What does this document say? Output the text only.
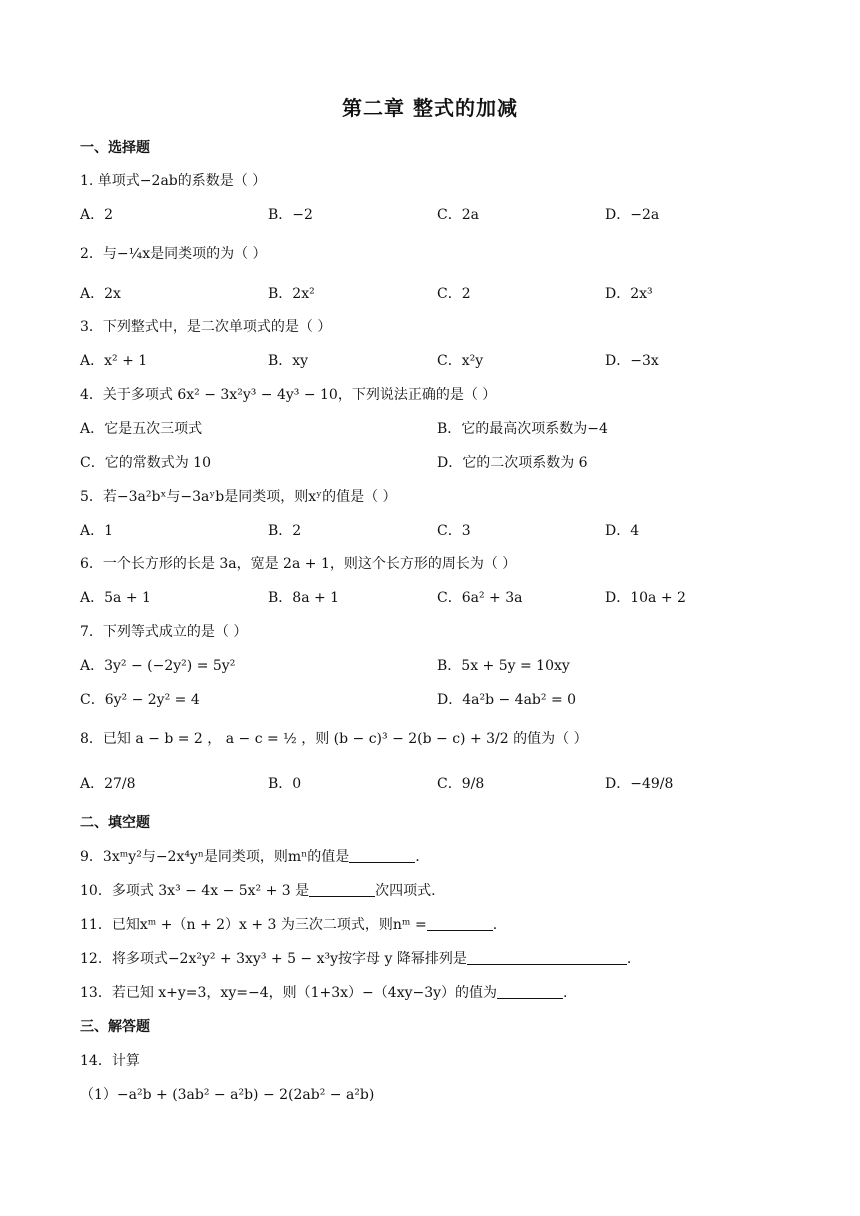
第二章 整式的加减
一、选择题
1. 单项式−2ab的系数是（ ）
A．2	B．−2	C．2a	D．−2a
2．与−¼x是同类项的为（ ）
A．2x	B．2x²	C．2	D．2x³
3．下列整式中，是二次单项式的是（ ）
A．x² + 1	B．xy	C．x²y	D．−3x
4．关于多项式 6x² − 3x²y³ − 4y³ − 10，下列说法正确的是（ ）
A．它是五次三项式	B．它的最高次项系数为−4
C．它的常数式为 10	D．它的二次项系数为 6
5．若−3a²bˣ与−3aʸb是同类项，则xʸ的值是（ ）
A．1	B．2	C．3	D．4
6．一个长方形的长是 3a，宽是 2a + 1，则这个长方形的周长为（ ）
A．5a + 1	B．8a + 1	C．6a² + 3a	D．10a + 2
7．下列等式成立的是（ ）
A．3y² − (−2y²) = 5y²	B．5x + 5y = 10xy
C．6y² − 2y² = 4	D．4a²b − 4ab² = 0
8．已知 a − b = 2 ， a − c = ½ ，则 (b − c)³ − 2(b − c) + 3/2 的值为（ ）
A．27/8	B．0	C．9/8	D．−49/8
二、填空题
9．3xᵐy²与−2x⁴yⁿ是同类项，则mⁿ的值是	.
10．多项式 3x³ − 4x − 5x² + 3 是	次四项式.
11．已知xᵐ +（n + 2）x + 3 为三次二项式，则nᵐ =	.
12．将多项式−2x²y² + 3xy³ + 5 − x³y按字母 y 降幂排列是	.
13．若已知 x+y=3，xy=−4，则（1+3x）−（4xy−3y）的值为	.
三、解答题
14．计算
（1）−a²b + (3ab² − a²b) − 2(2ab² − a²b)
